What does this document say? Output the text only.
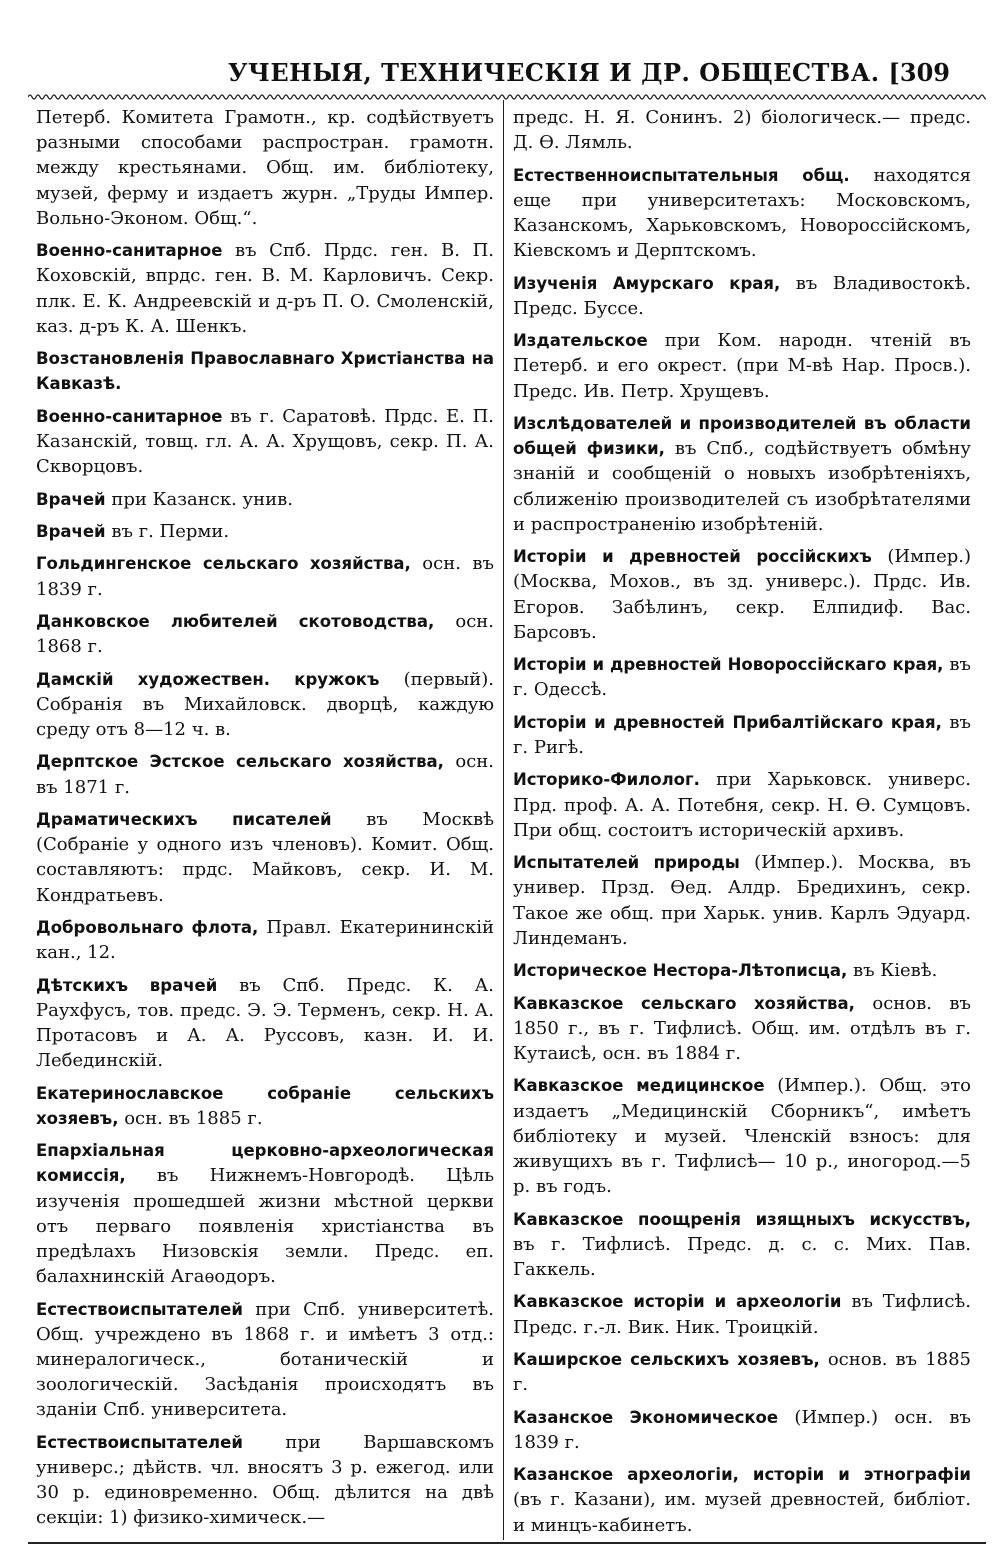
УЧЕНЫЯ, ТЕХНИЧЕСКІЯ И ДР. ОБЩЕСТВА. [309

Петерб. Комитета Грамотн., кр. содѣйствуетъ разными способами распростран. грамотн. между крестьянами. Общ. им. библіотеку, музей, ферму и издаетъ журн. „Труды Импер. Вольно-Эконом. Общ.“.

Военно-санитарное въ Спб. Прдс. ген. В. П. Коховскій, впрдс. ген. В. М. Карловичъ. Секр. плк. Е. К. Андреевскій и д-ръ П. О. Смоленскій, каз. д-ръ К. А. Шенкъ.

Возстановленія Православнаго Христіанства на Кавказѣ.

Военно-санитарное въ г. Саратовѣ. Прдс. Е. П. Казанскій, товщ. гл. А. А. Хрущовъ, секр. П. А. Скворцовъ.

Врачей при Казанск. унив.

Врачей въ г. Перми.

Гольдингенское сельскаго хозяйства, осн. въ 1839 г.

Данковское любителей скотоводства, осн. 1868 г.

Дамскій художествен. кружокъ (первый). Собранія въ Михайловск. дворцѣ, каждую среду отъ 8—12 ч. в.

Дерптское Эстское сельскаго хозяйства, осн. въ 1871 г.

Драматическихъ писателей въ Москвѣ (Собраніе у одного изъ членовъ). Комит. Общ. составляютъ: прдс. Майковъ, секр. И. М. Кондратьевъ.

Добровольнаго флота, Правл. Екатерининскій кан., 12.

Дѣтскихъ врачей въ Спб. Предс. К. А. Раухфусъ, тов. предс. Э. Э. Терменъ, секр. Н. А. Протасовъ и А. А. Руссовъ, казн. И. И. Лебединскій.

Екатеринославское собраніе сельскихъ хозяевъ, осн. въ 1885 г.

Епархіальная церковно-археологическая комиссія, въ Нижнемъ-Новгородѣ. Цѣль изученія прошедшей жизни мѣстной церкви отъ перваго появленія христіанства въ предѣлахъ Низовскія земли. Предс. еп. балахнинскій Агаѳодоръ.

Естествоиспытателей при Спб. университетѣ. Общ. учреждено въ 1868 г. и имѣетъ 3 отд.: минералогическ., ботаническій и зоологическій. Засѣданія происходятъ въ зданіи Спб. университета.

Естествоиспытателей при Варшавскомъ универс.; дѣйств. чл. вносятъ 3 р. ежегод. или 30 р. единовременно. Общ. дѣлится на двѣ секціи: 1) физико-химическ.—

предс. Н. Я. Сонинъ. 2) біологическ.— предс. Д. Ѳ. Лямль.

Естественноиспытательныя общ. находятся еще при университетахъ: Московскомъ, Казанскомъ, Харьковскомъ, Новороссійскомъ, Кіевскомъ и Дерптскомъ.

Изученія Амурскаго края, въ Владивостокѣ. Предс. Буссе.

Издательское при Ком. народн. чтеній въ Петерб. и его окрест. (при М-вѣ Нар. Просв.). Предс. Ив. Петр. Хрущевъ.

Изслѣдователей и производителей въ области общей физики, въ Спб., содѣйствуетъ обмѣну знаній и сообщеній о новыхъ изобрѣтеніяхъ, сближенію производителей съ изобрѣтателями и распространенію изобрѣтеній.

Исторіи и древностей россійскихъ (Импер.) (Москва, Мохов., въ зд. универс.). Прдс. Ив. Егоров. Забѣлинъ, секр. Елпидиф. Вас. Барсовъ.

Исторіи и древностей Новороссійскаго края, въ г. Одессѣ.

Исторіи и древностей Прибалтійскаго края, въ г. Ригѣ.

Историко-Филолог. при Харьковск. универс. Прд. проф. А. А. Потебня, секр. Н. Ѳ. Сумцовъ. При общ. состоитъ историческій архивъ.

Испытателей природы (Импер.). Москва, въ универ. Прзд. Ѳед. Алдр. Бредихинъ, секр. Такое же общ. при Харьк. унив. Карлъ Эдуард. Линдеманъ.

Историческое Нестора-Лѣтописца, въ Кіевѣ.

Кавказское сельскаго хозяйства, основ. въ 1850 г., въ г. Тифлисѣ. Общ. им. отдѣлъ въ г. Кутаисѣ, осн. въ 1884 г.

Кавказское медицинское (Импер.). Общ. это издаетъ „Медицинскій Сборникъ“, имѣетъ библіотеку и музей. Членскій взносъ: для живущихъ въ г. Тифлисѣ— 10 р., иногород.—5 р. въ годъ.

Кавказское поощренія изящныхъ искусствъ, въ г. Тифлисѣ. Предс. д. с. с. Мих. Пав. Гаккель.

Кавказское исторіи и археологіи въ Тифлисѣ. Предс. г.-л. Вик. Ник. Троицкій.

Каширское сельскихъ хозяевъ, основ. въ 1885 г.

Казанское Экономическое (Импер.) осн. въ 1839 г.

Казанское археологіи, исторіи и этнографіи (въ г. Казани), им. музей древностей, библіот. и минцъ-кабинетъ.
